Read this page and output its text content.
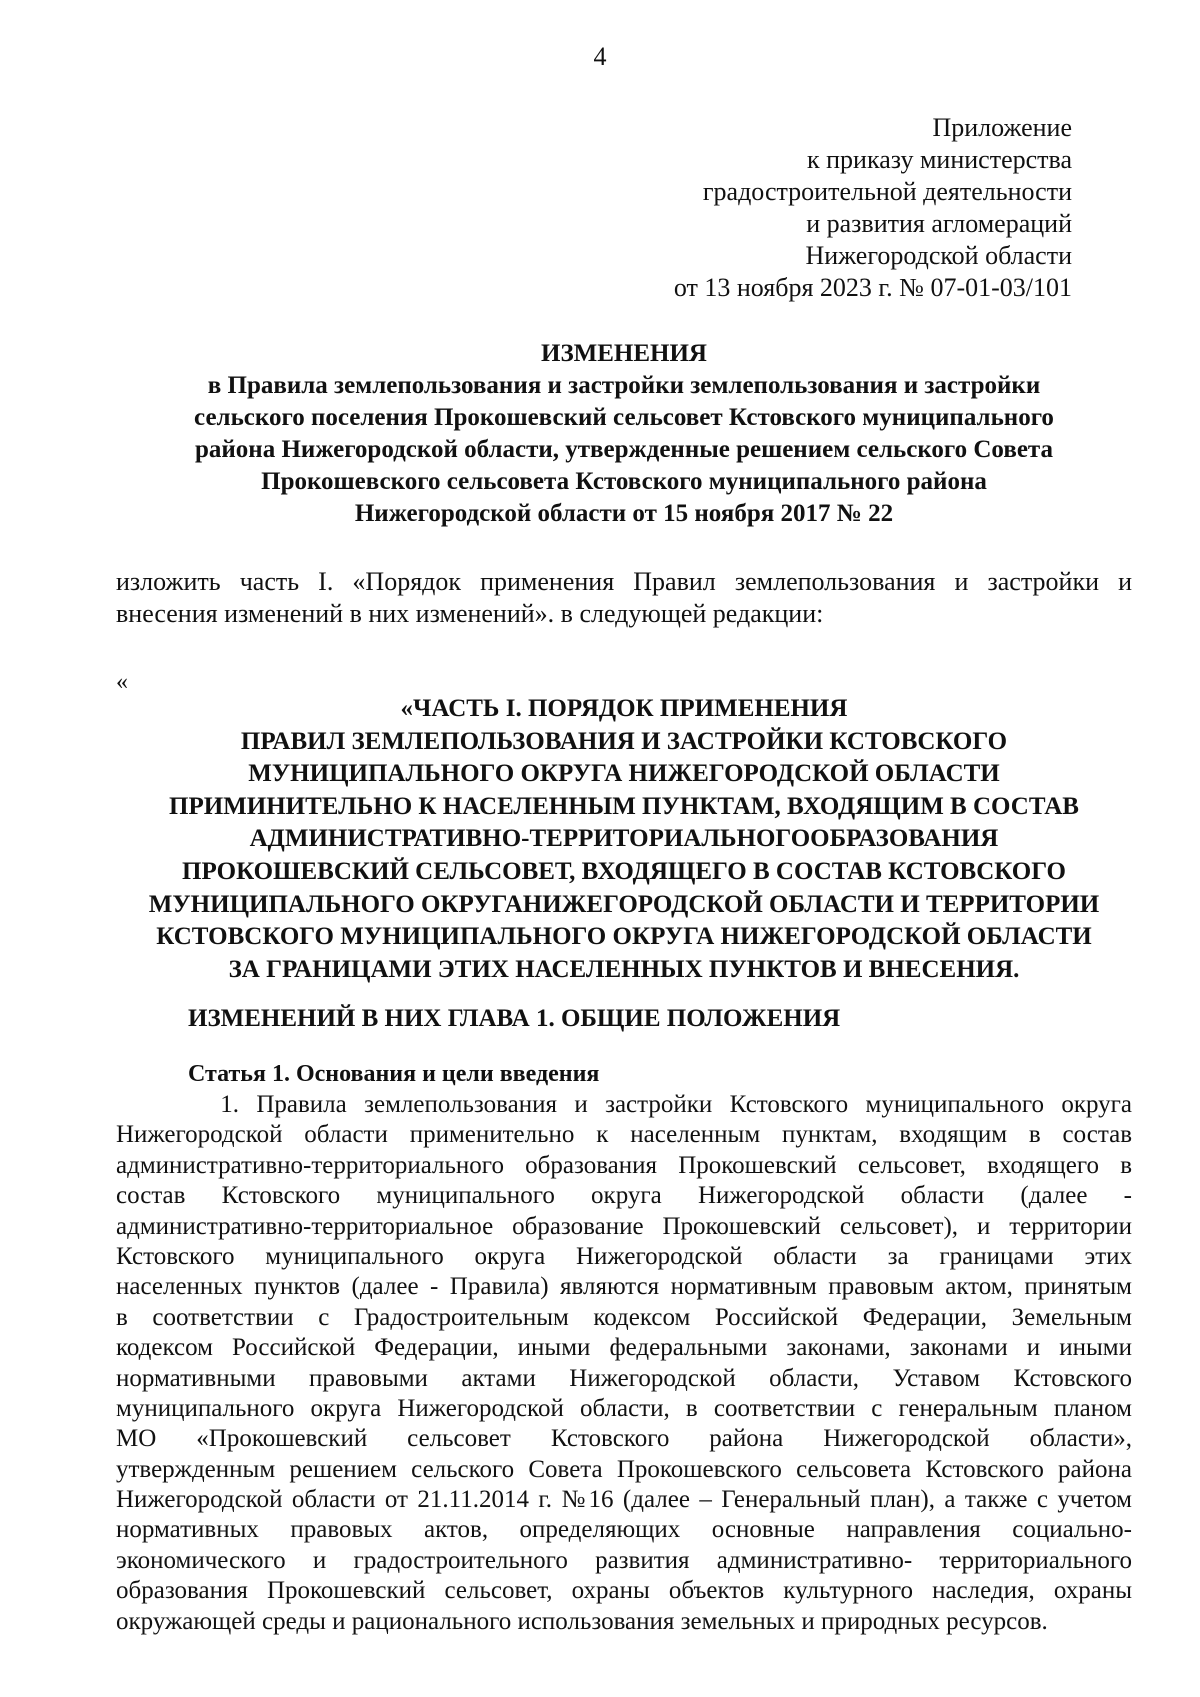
4
Приложение
к приказу министерства
градостроительной деятельности
и развития агломераций
Нижегородской области
от 13 ноября 2023 г. № 07-01-03/101
ИЗМЕНЕНИЯ
в Правила землепользования и застройки землепользования и застройки
сельского поселения Прокошевский сельсовет Кстовского муниципального
района Нижегородской области, утвержденные решением сельского Совета
Прокошевского сельсовета Кстовского муниципального района
Нижегородской области от 15 ноября 2017 № 22
изложить часть I. «Порядок применения Правил землепользования и застройки и
внесения изменений в них изменений». в следующей редакции:
«
«ЧАСТЬ I. ПОРЯДОК ПРИМЕНЕНИЯ
ПРАВИЛ ЗЕМЛЕПОЛЬЗОВАНИЯ И ЗАСТРОЙКИ КСТОВСКОГО
МУНИЦИПАЛЬНОГО ОКРУГА НИЖЕГОРОДСКОЙ ОБЛАСТИ
ПРИМИНИТЕЛЬНО К НАСЕЛЕННЫМ ПУНКТАМ, ВХОДЯЩИМ В СОСТАВ
АДМИНИСТРАТИВНО-ТЕРРИТОРИАЛЬНОГООБРАЗОВАНИЯ
ПРОКОШЕВСКИЙ СЕЛЬСОВЕТ, ВХОДЯЩЕГО В СОСТАВ КСТОВСКОГО
МУНИЦИПАЛЬНОГО ОКРУГАНИЖЕГОРОДСКОЙ ОБЛАСТИ И ТЕРРИТОРИИ
КСТОВСКОГО МУНИЦИПАЛЬНОГО ОКРУГА НИЖЕГОРОДСКОЙ ОБЛАСТИ
ЗА ГРАНИЦАМИ ЭТИХ НАСЕЛЕННЫХ ПУНКТОВ И ВНЕСЕНИЯ.
ИЗМЕНЕНИЙ В НИХ ГЛАВА 1. ОБЩИЕ ПОЛОЖЕНИЯ
Статья 1. Основания и цели введения
1. Правила землепользования и застройки Кстовского муниципального округа
Нижегородской области применительно к населенным пунктам, входящим в состав
административно-территориального образования Прокошевский сельсовет, входящего в
состав Кстовского муниципального округа Нижегородской области (далее -
административно-территориальное образование Прокошевский сельсовет), и территории
Кстовского муниципального округа Нижегородской области за границами этих
населенных пунктов (далее - Правила) являются нормативным правовым актом, принятым
в соответствии с Градостроительным кодексом Российской Федерации, Земельным
кодексом Российской Федерации, иными федеральными законами, законами и иными
нормативными правовыми актами Нижегородской области, Уставом Кстовского
муниципального округа Нижегородской области, в соответствии с генеральным планом
МО «Прокошевский сельсовет Кстовского района Нижегородской области»,
утвержденным решением сельского Совета Прокошевского сельсовета Кстовского района
Нижегородской области от 21.11.2014 г. №16 (далее – Генеральный план), а также с учетом
нормативных правовых актов, определяющих основные направления социально-
экономического и градостроительного развития административно- территориального
образования Прокошевский сельсовет, охраны объектов культурного наследия, охраны
окружающей среды и рационального использования земельных и природных ресурсов.
